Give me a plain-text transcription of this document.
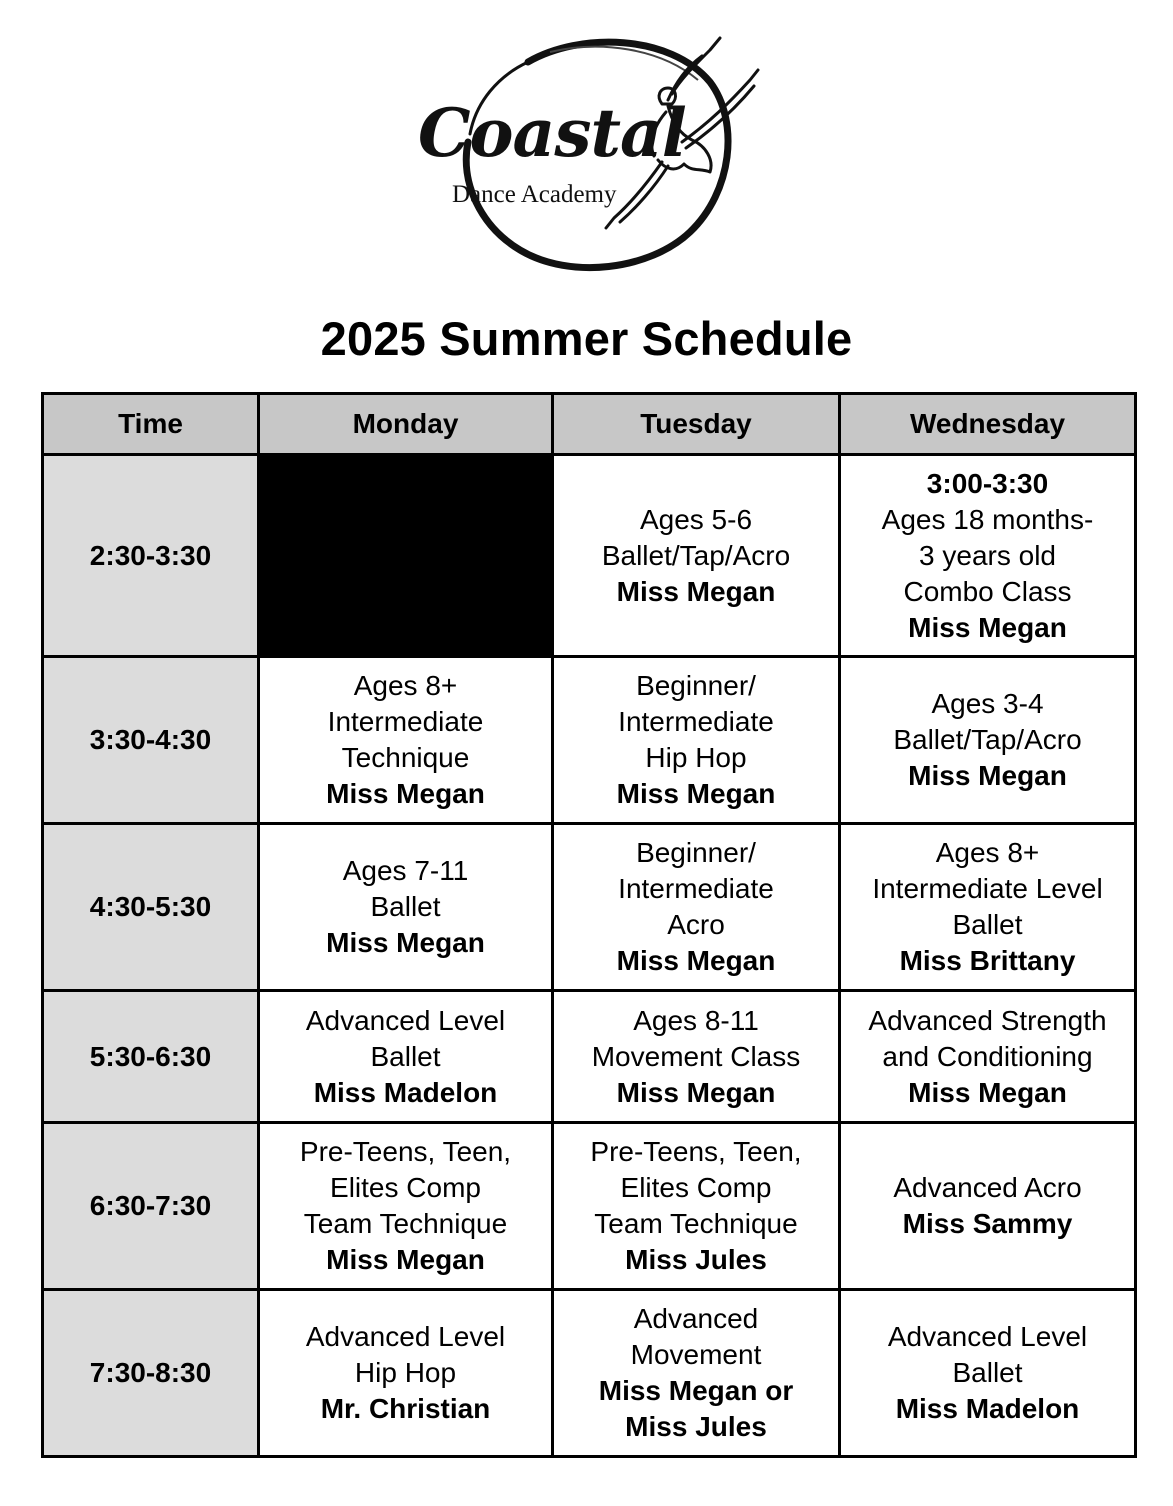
Coastal
Dance Academy
2025 Summer Schedule
Time	Monday	Tuesday	Wednesday
2:30-3:30		Ages 5-6
Ballet/Tap/Acro
Miss Megan	3:00-3:30
Ages 18 months-
3 years old
Combo Class
Miss Megan

3:30-4:30	Ages 8+
Intermediate
Technique
Miss Megan	Beginner/
Intermediate
Hip Hop
Miss Megan	Ages 3-4
Ballet/Tap/Acro
Miss Megan

4:30-5:30	Ages 7-11
Ballet
Miss Megan	Beginner/
Intermediate
Acro
Miss Megan	Ages 8+
Intermediate Level
Ballet
Miss Brittany

5:30-6:30	Advanced Level
Ballet
Miss Madelon	Ages 8-11
Movement Class
Miss Megan	Advanced Strength
and Conditioning
Miss Megan

6:30-7:30	Pre-Teens, Teen,
Elites Comp
Team Technique
Miss Megan	Pre-Teens, Teen,
Elites Comp
Team Technique
Miss Jules	Advanced Acro
Miss Sammy

7:30-8:30	Advanced Level
Hip Hop
Mr. Christian	Advanced
Movement
Miss Megan or
Miss Jules	Advanced Level
Ballet
Miss Madelon
